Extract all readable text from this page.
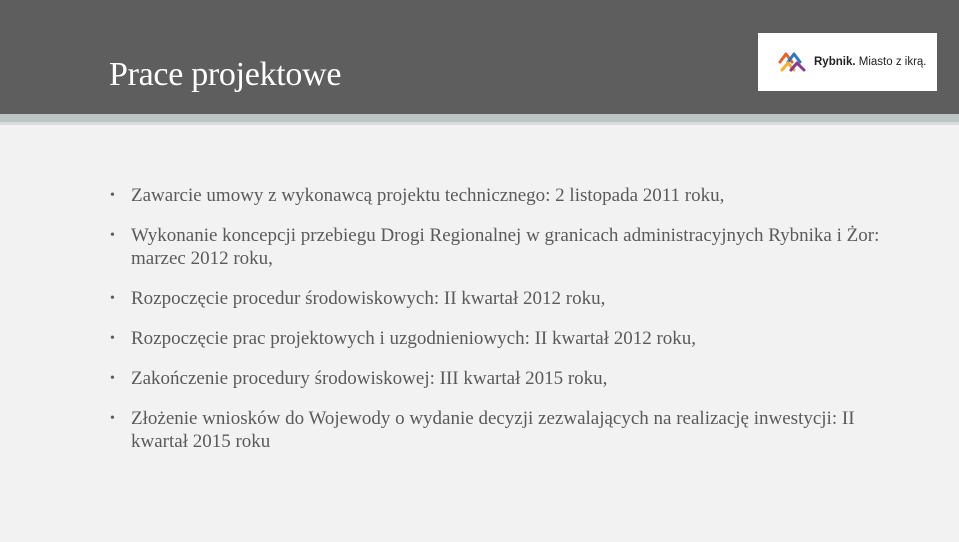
Prace projektowe	Rybnik. Miasto z ikrą.
• Zawarcie umowy z wykonawcą projektu technicznego: 2 listopada 2011 roku,
• Wykonanie koncepcji przebiegu Drogi Regionalnej w granicach administracyjnych Rybnika i Żor: marzec 2012 roku,
• Rozpoczęcie procedur środowiskowych: II kwartał 2012 roku,
• Rozpoczęcie prac projektowych i uzgodnieniowych: II kwartał 2012 roku,
• Zakończenie procedury środowiskowej: III kwartał 2015 roku,
• Złożenie wniosków do Wojewody o wydanie decyzji zezwalających na realizację inwestycji: II kwartał 2015 roku
